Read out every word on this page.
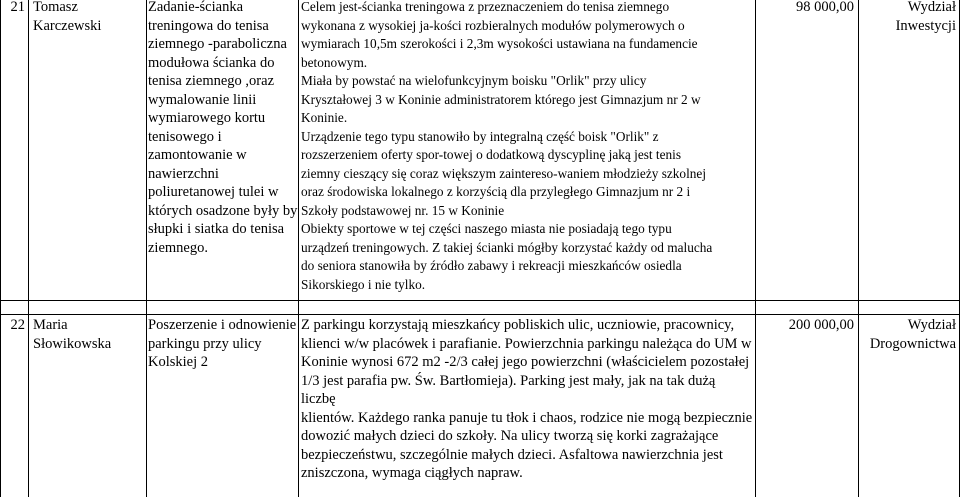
21 Tomasz
Karczewski
Zadanie-ścianka
treningowa do tenisa
ziemnego -paraboliczna
modułowa ścianka do
tenisa ziemnego ,oraz
wymalowanie linii
wymiarowego kortu
tenisowego i
zamontowanie w
nawierzchni
poliuretanowej tulei w
których osadzone były by
słupki i siatka do tenisa
ziemnego.
Celem jest-ścianka treningowa z przeznaczeniem do tenisa ziemnego
wykonana z wysokiej ja-kości rozbieralnych modułów polymerowych o
wymiarach 10,5m szerokości i 2,3m wysokości ustawiana na fundamencie
betonowym.
Miała by powstać na wielofunkcyjnym boisku "Orlik" przy ulicy
Kryształowej 3 w Koninie administratorem którego jest Gimnazjum nr 2 w
Koninie.
Urządzenie tego typu stanowiło by integralną część boisk "Orlik" z
rozszerzeniem oferty spor-towej o dodatkową dyscyplinę jaką jest tenis
ziemny cieszący się coraz większym zaintereso-waniem młodzieży szkolnej
oraz środowiska lokalnego z korzyścią dla przyległego Gimnazjum nr 2 i
Szkoły podstawowej nr. 15 w Koninie
Obiekty sportowe w tej części naszego miasta nie posiadają tego typu
urządzeń treningowych. Z takiej ścianki mógłby korzystać każdy od malucha
do seniora stanowiła by źródło zabawy i rekreacji mieszkańców osiedla
Sikorskiego i nie tylko.
98 000,00	Wydział
Inwestycji
22 Maria
Słowikowska
Poszerzenie i odnowienie
parkingu przy ulicy
Kolskiej 2
Z parkingu korzystają mieszkańcy pobliskich ulic, uczniowie, pracownicy,
klienci w/w placówek i parafianie. Powierzchnia parkingu należąca do UM w
Koninie wynosi 672 m2 -2/3 całej jego powierzchni (właścicielem pozostałej
1/3 jest parafia pw. Św. Bartłomieja). Parking jest mały, jak na tak dużą liczbę
klientów. Każdego ranka panuje tu tłok i chaos, rodzice nie mogą bezpiecznie
dowozić małych dzieci do szkoły. Na ulicy tworzą się korki zagrażające
bezpieczeństwu, szczególnie małych dzieci. Asfaltowa nawierzchnia jest
zniszczona, wymaga ciągłych napraw.
200 000,00	Wydział
Drogownictwa
